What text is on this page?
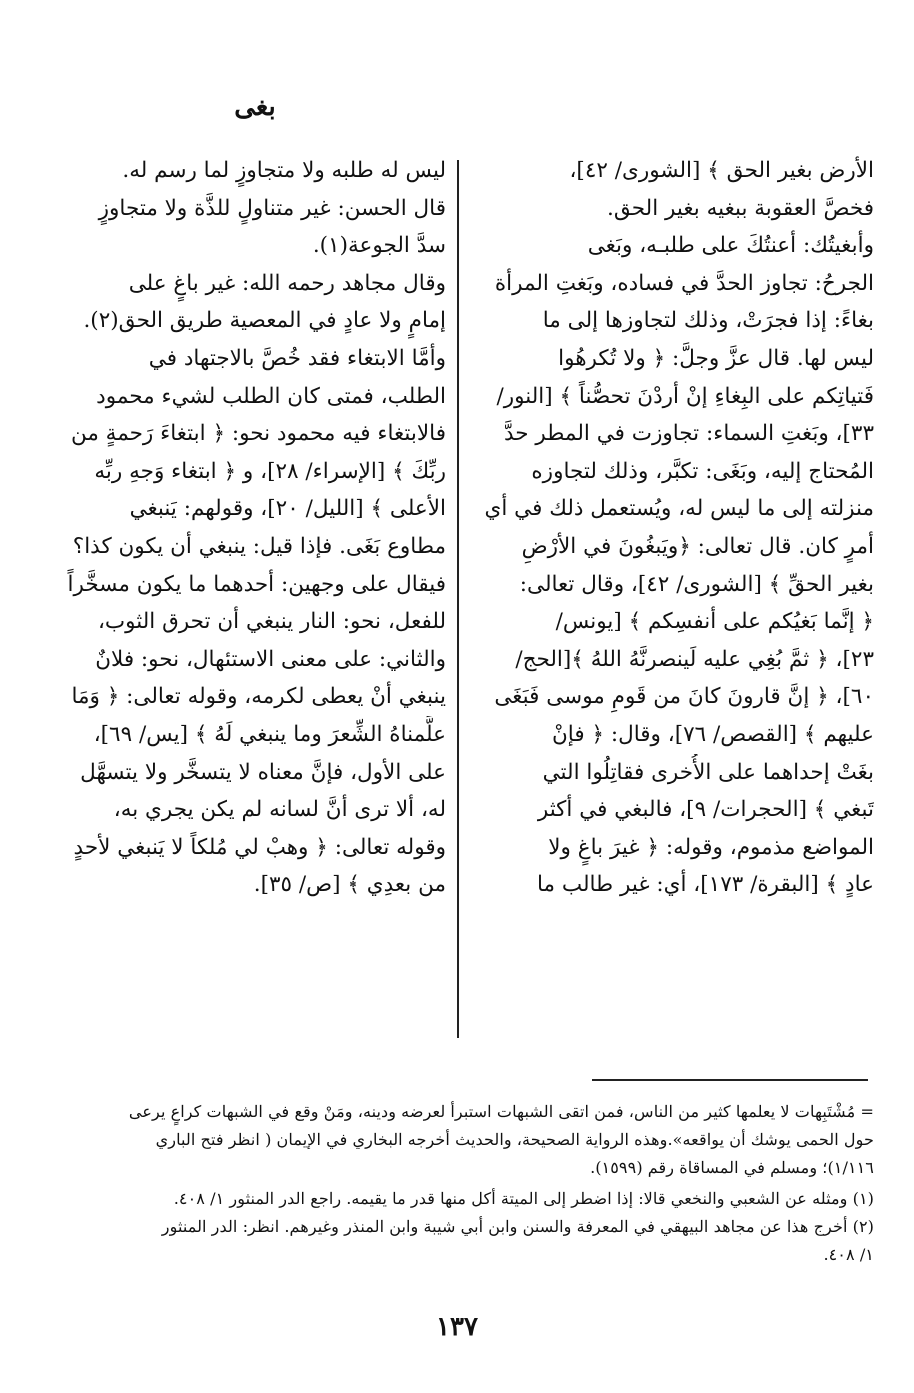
بغى
الأرض بغير الحق ﴾ [الشورى/ ٤٢]،
فخصَّ العقوبة ببغيه بغير الحق.
وأبغيتُك: أعنتُكَ على طلبـه، وبَغى
الجرحُ: تجاوز الحدَّ في فساده، وبَغتِ المرأة
بغاءً: إذا فجرَتْ، وذلك لتجاوزها إلى ما
ليس لها. قال عزَّ وجلَّ: ﴿ ولا تُكرهُوا
فَتياتِكم على البِغاءِ إنْ أردْنَ تحصُّناً ﴾ [النور/
٣٣]، وبَغتِ السماء: تجاوزت في المطر حدَّ
المُحتاج إليه، وبَغَى: تكبَّر، وذلك لتجاوزه
منزلته إلى ما ليس له، ويُستعمل ذلك في أي
أمرٍ كان. قال تعالى: ﴿ويَبغُونَ في الأرْضِ
بغير الحقِّ ﴾ [الشورى/ ٤٢]، وقال تعالى:
﴿ إنَّما بَغيُكم على أنفسِكم ﴾ [يونس/
٢٣]، ﴿ ثمَّ بُغِي عليه لَينصرنَّهُ اللهُ ﴾[الحج/
٦٠]، ﴿ إنَّ قارونَ كانَ من قَومِ موسى فَبَغَى
عليهم ﴾ [القصص/ ٧٦]، وقال: ﴿ فإنْ
بغَتْ إحداهما على الأُخرى فقاتِلُوا التي
تَبغي ﴾ [الحجرات/ ٩]، فالبغي في أكثر
المواضع مذموم، وقوله: ﴿ غيرَ باغٍ ولا
عادٍ ﴾ [البقرة/ ١٧٣]، أي: غير طالب ما
ليس له طلبه ولا متجاوزٍ لما رسم له.
قال الحسن: غير متناولٍ للذَّة ولا متجاوزٍ
سدَّ الجوعة(١).
وقال مجاهد رحمه الله: غير باغٍ على
إمامٍ ولا عادٍ في المعصية طريق الحق(٢).
وأمَّا الابتغاء فقد خُصَّ بالاجتهاد في
الطلب، فمتى كان الطلب لشيء محمود
فالابتغاء فيه محمود نحو: ﴿ ابتغاءَ رَحمةٍ من
ربِّكَ ﴾ [الإسراء/ ٢٨]، و ﴿ ابتغاء وَجهِ ربِّه
الأعلى ﴾ [الليل/ ٢٠]، وقولهم: يَنبغي
مطاوع بَغَى. فإذا قيل: ينبغي أن يكون كذا؟
فيقال على وجهين: أحدهما ما يكون مسخَّراً
للفعل، نحو: النار ينبغي أن تحرق الثوب،
والثاني: على معنى الاستئهال، نحو: فلانٌ
ينبغي أنْ يعطى لكرمه، وقوله تعالى: ﴿ وَمَا
علَّمناهُ الشِّعرَ وما ينبغي لَهُ ﴾ [يس/ ٦٩]،
على الأول، فإنَّ معناه لا يتسخَّر ولا يتسهَّل
له، ألا ترى أنَّ لسانه لم يكن يجري به،
وقوله تعالى: ﴿ وهبْ لي مُلكاً لا يَنبغي لأحدٍ
من بعدِي ﴾ [ص/ ٣٥].
= مُشْتَبِهات لا يعلمها كثير من الناس، فمن اتقى الشبهات استبرأ لعرضه ودينه، ومَنْ وقع في الشبهات كراعٍ يرعى
حول الحمى يوشك أن يواقعه».وهذه الرواية الصحيحة، والحديث أخرجه البخاري في الإيمان ( انظر فتح الباري
١/١١٦)؛ ومسلم في المساقاة رقم (١٥٩٩).
(١) ومثله عن الشعبي والنخعي قالا: إذا اضطر إلى الميتة أكل منها قدر ما يقيمه. راجع الدر المنثور ١/ ٤٠٨.
(٢) أخرج هذا عن مجاهد البيهقي في المعرفة والسنن وابن أبي شيبة وابن المنذر وغيرهم. انظر: الدر المنثور
١/ ٤٠٨.
١٣٧
